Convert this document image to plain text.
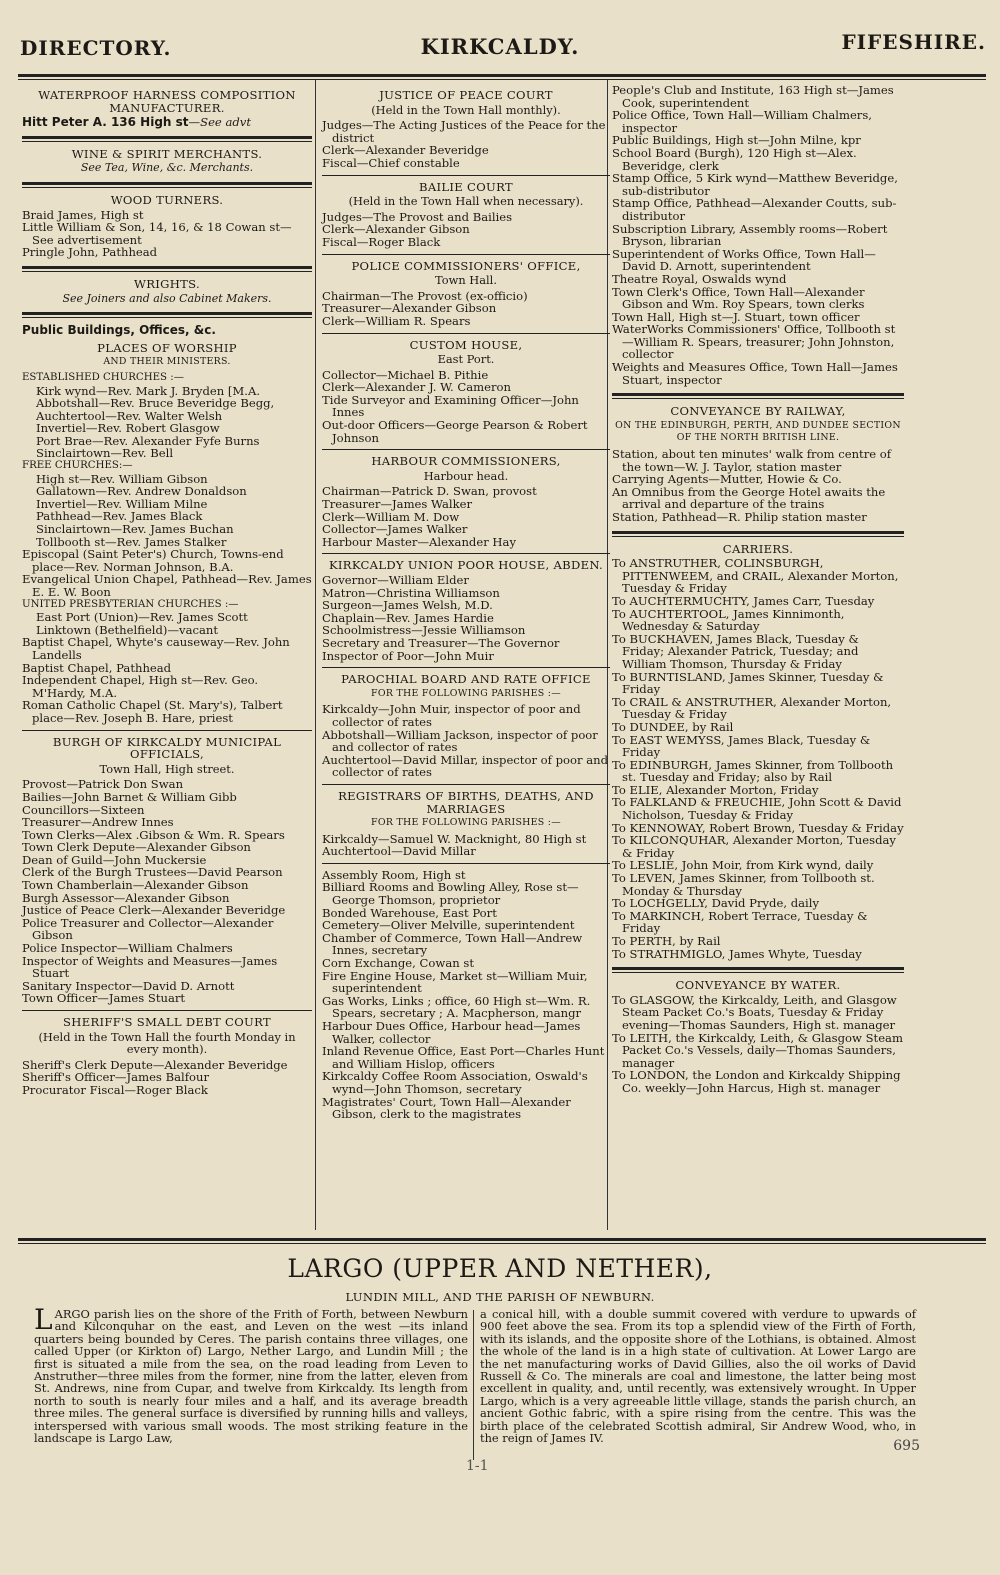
DIRECTORY.	KIRKCALDY.	FIFESHIRE.
WATERPROOF HARNESS COMPOSITION MANUFACTURER.
Hitt Peter A. 136 High st—See advt
WINE & SPIRIT MERCHANTS.
See Tea, Wine, &c. Merchants.
WOOD TURNERS.
Braid James, High st
Little William & Son, 14, 16, & 18 Cowan st—See advertisement
Pringle John, Pathhead
WRIGHTS.
See Joiners and also Cabinet Makers.
Public Buildings, Offices, &c.
PLACES OF WORSHIP
AND THEIR MINISTERS.
ESTABLISHED CHURCHES :—
Kirk wynd—Rev. Mark J. Bryden [M.A.
Abbotshall—Rev. Bruce Beveridge Begg,
Auchtertool—Rev. Walter Welsh
Invertiel—Rev. Robert Glasgow
Port Brae—Rev. Alexander Fyfe Burns
Sinclairtown—Rev. Bell
FREE CHURCHES:—
High st—Rev. William Gibson
Gallatown—Rev. Andrew Donaldson
Invertiel—Rev. William Milne
Pathhead—Rev. James Black
Sinclairtown—Rev. James Buchan
Tollbooth st—Rev. James Stalker
Episcopal (Saint Peter's) Church, Towns-end place—Rev. Norman Johnson, B.A.
Evangelical Union Chapel, Pathhead—Rev. James E. E. W. Boon
UNITED PRESBYTERIAN CHURCHES :—
East Port (Union)—Rev. James Scott
Linktown (Bethelfield)—vacant
Baptist Chapel, Whyte's causeway—Rev. John Landells
Baptist Chapel, Pathhead
Independent Chapel, High st—Rev. Geo. M'Hardy, M.A.
Roman Catholic Chapel (St. Mary's), Talbert place—Rev. Joseph B. Hare, priest
BURGH OF KIRKCALDY MUNICIPAL OFFICIALS,
Town Hall, High street.
Provost—Patrick Don Swan
Bailies—John Barnet & William Gibb
Councillors—Sixteen
Treasurer—Andrew Innes
Town Clerks—Alex .Gibson & Wm. R. Spears
Town Clerk Depute—Alexander Gibson
Dean of Guild—John Muckersie
Clerk of the Burgh Trustees—David Pearson
Town Chamberlain—Alexander Gibson
Burgh Assessor—Alexander Gibson
Justice of Peace Clerk—Alexander Beveridge
Police Treasurer and Collector—Alexander Gibson
Police Inspector—William Chalmers
Inspector of Weights and Measures—James Stuart
Sanitary Inspector—David D. Arnott
Town Officer—James Stuart
SHERIFF'S SMALL DEBT COURT
(Held in the Town Hall the fourth Monday in every month).
Sheriff's Clerk Depute—Alexander Beveridge
Sheriff's Officer—James Balfour
Procurator Fiscal—Roger Black
JUSTICE OF PEACE COURT
(Held in the Town Hall monthly).
Judges—The Acting Justices of the Peace for the district
Clerk—Alexander Beveridge
Fiscal—Chief constable
BAILIE COURT
(Held in the Town Hall when necessary).
Judges—The Provost and Bailies
Clerk—Alexander Gibson
Fiscal—Roger Black
POLICE COMMISSIONERS' OFFICE,
Town Hall.
Chairman—The Provost (ex-officio)
Treasurer—Alexander Gibson
Clerk—William R. Spears
CUSTOM HOUSE,
East Port.
Collector—Michael B. Pithie
Clerk—Alexander J. W. Cameron
Tide Surveyor and Examining Officer—John Innes
Out-door Officers—George Pearson & Robert Johnson
HARBOUR COMMISSIONERS,
Harbour head.
Chairman—Patrick D. Swan, provost
Treasurer—James Walker
Clerk—William M. Dow
Collector—James Walker
Harbour Master—Alexander Hay
KIRKCALDY UNION POOR HOUSE, ABDEN.
Governor—William Elder
Matron—Christina Williamson
Surgeon—James Welsh, M.D.
Chaplain—Rev. James Hardie
Schoolmistress—Jessie Williamson
Secretary and Treasurer—The Governor
Inspector of Poor—John Muir
PAROCHIAL BOARD AND RATE OFFICE
FOR THE FOLLOWING PARISHES :—
Kirkcaldy—John Muir, inspector of poor and collector of rates
Abbotshall—William Jackson, inspector of poor and collector of rates
Auchtertool—David Millar, inspector of poor and collector of rates
REGISTRARS OF BIRTHS, DEATHS, AND MARRIAGES
FOR THE FOLLOWING PARISHES :—
Kirkcaldy—Samuel W. Macknight, 80 High st
Auchtertool—David Millar
Assembly Room, High st
Billiard Rooms and Bowling Alley, Rose st—George Thomson, proprietor
Bonded Warehouse, East Port
Cemetery—Oliver Melville, superintendent
Chamber of Commerce, Town Hall—Andrew Innes, secretary
Corn Exchange, Cowan st
Fire Engine House, Market st—William Muir, superintendent
Gas Works, Links ; office, 60 High st—Wm. R. Spears, secretary ; A. Macpherson, mangr
Harbour Dues Office, Harbour head—James Walker, collector
Inland Revenue Office, East Port—Charles Hunt and William Hislop, officers
Kirkcaldy Coffee Room Association, Oswald's wynd—John Thomson, secretary
Magistrates' Court, Town Hall—Alexander Gibson, clerk to the magistrates
People's Club and Institute, 163 High st—James Cook, superintendent
Police Office, Town Hall—William Chalmers, inspector
Public Buildings, High st—John Milne, kpr
School Board (Burgh), 120 High st—Alex. Beveridge, clerk
Stamp Office, 5 Kirk wynd—Matthew Beveridge, sub-distributor
Stamp Office, Pathhead—Alexander Coutts, sub-distributor
Subscription Library, Assembly rooms—Robert Bryson, librarian
Superintendent of Works Office, Town Hall—David D. Arnott, superintendent
Theatre Royal, Oswalds wynd
Town Clerk's Office, Town Hall—Alexander Gibson and Wm. Roy Spears, town clerks
Town Hall, High st—J. Stuart, town officer
WaterWorks Commissioners' Office, Tollbooth st—William R. Spears, treasurer; John Johnston, collector
Weights and Measures Office, Town Hall—James Stuart, inspector
CONVEYANCE BY RAILWAY,
ON THE EDINBURGH, PERTH, AND DUNDEE SECTION OF THE NORTH BRITISH LINE.
Station, about ten minutes' walk from centre of the town—W. J. Taylor, station master
Carrying Agents—Mutter, Howie & Co.
An Omnibus from the George Hotel awaits the arrival and departure of the trains
Station, Pathhead—R. Philip station master
CARRIERS.
To ANSTRUTHER, COLINSBURGH, PITTENWEEM, and CRAIL, Alexander Morton, Tuesday & Friday
To AUCHTERMUCHTY, James Carr, Tuesday
To AUCHTERTOOL, James Kinnimonth, Wednesday & Saturday
To BUCKHAVEN, James Black, Tuesday & Friday; Alexander Patrick, Tuesday; and William Thomson, Thursday & Friday
To BURNTISLAND, James Skinner, Tuesday & Friday
To CRAIL & ANSTRUTHER, Alexander Morton, Tuesday & Friday
To DUNDEE, by Rail
To EAST WEMYSS, James Black, Tuesday & Friday
To EDINBURGH, James Skinner, from Tollbooth st. Tuesday and Friday; also by Rail
To ELIE, Alexander Morton, Friday
To FALKLAND & FREUCHIE, John Scott & David Nicholson, Tuesday & Friday
To KENNOWAY, Robert Brown, Tuesday & Friday
To KILCONQUHAR, Alexander Morton, Tuesday & Friday
To LESLIE, John Moir, from Kirk wynd, daily
To LEVEN, James Skinner, from Tollbooth st. Monday & Thursday
To LOCHGELLY, David Pryde, daily
To MARKINCH, Robert Terrace, Tuesday & Friday
To PERTH, by Rail
To STRATHMIGLO, James Whyte, Tuesday
CONVEYANCE BY WATER.
To GLASGOW, the Kirkcaldy, Leith, and Glasgow Steam Packet Co.'s Boats, Tuesday & Friday evening—Thomas Saunders, High st. manager
To LEITH, the Kirkcaldy, Leith, & Glasgow Steam Packet Co.'s Vessels, daily—Thomas Saunders, manager
To LONDON, the London and Kirkcaldy Shipping Co. weekly—John Harcus, High st. manager
LARGO (UPPER AND NETHER),
LUNDIN MILL, AND THE PARISH OF NEWBURN.
LARGO parish lies on the shore of the Frith of Forth, between Newburn and Kilconquhar on the east, and Leven on the west —its inland quarters being bounded by Ceres. The parish contains three villages, one called Upper (or Kirkton of) Largo, Nether Largo, and Lundin Mill ; the first is situated a mile from the sea, on the road leading from Leven to Anstruther—three miles from the former, nine from the latter, eleven from St. Andrews, nine from Cupar, and twelve from Kirkcaldy. Its length from north to south is nearly four miles and a half, and its average breadth three miles. The general surface is diversified by running hills and valleys, interspersed with various small woods. The most striking feature in the landscape is Largo Law,
a conical hill, with a double summit covered with verdure to upwards of 900 feet above the sea. From its top a splendid view of the Firth of Forth, with its islands, and the opposite shore of the Lothians, is obtained. Almost the whole of the land is in a high state of cultivation. At Lower Largo are the net manufacturing works of David Gillies, also the oil works of David Russell & Co. The minerals are coal and limestone, the latter being most excellent in quality, and, until recently, was extensively wrought. In Upper Largo, which is a very agreeable little village, stands the parish church, an ancient Gothic fabric, with a spire rising from the centre. This was the birth place of the celebrated Scottish admiral, Sir Andrew Wood, who, in the reign of James IV.
1-1
695
